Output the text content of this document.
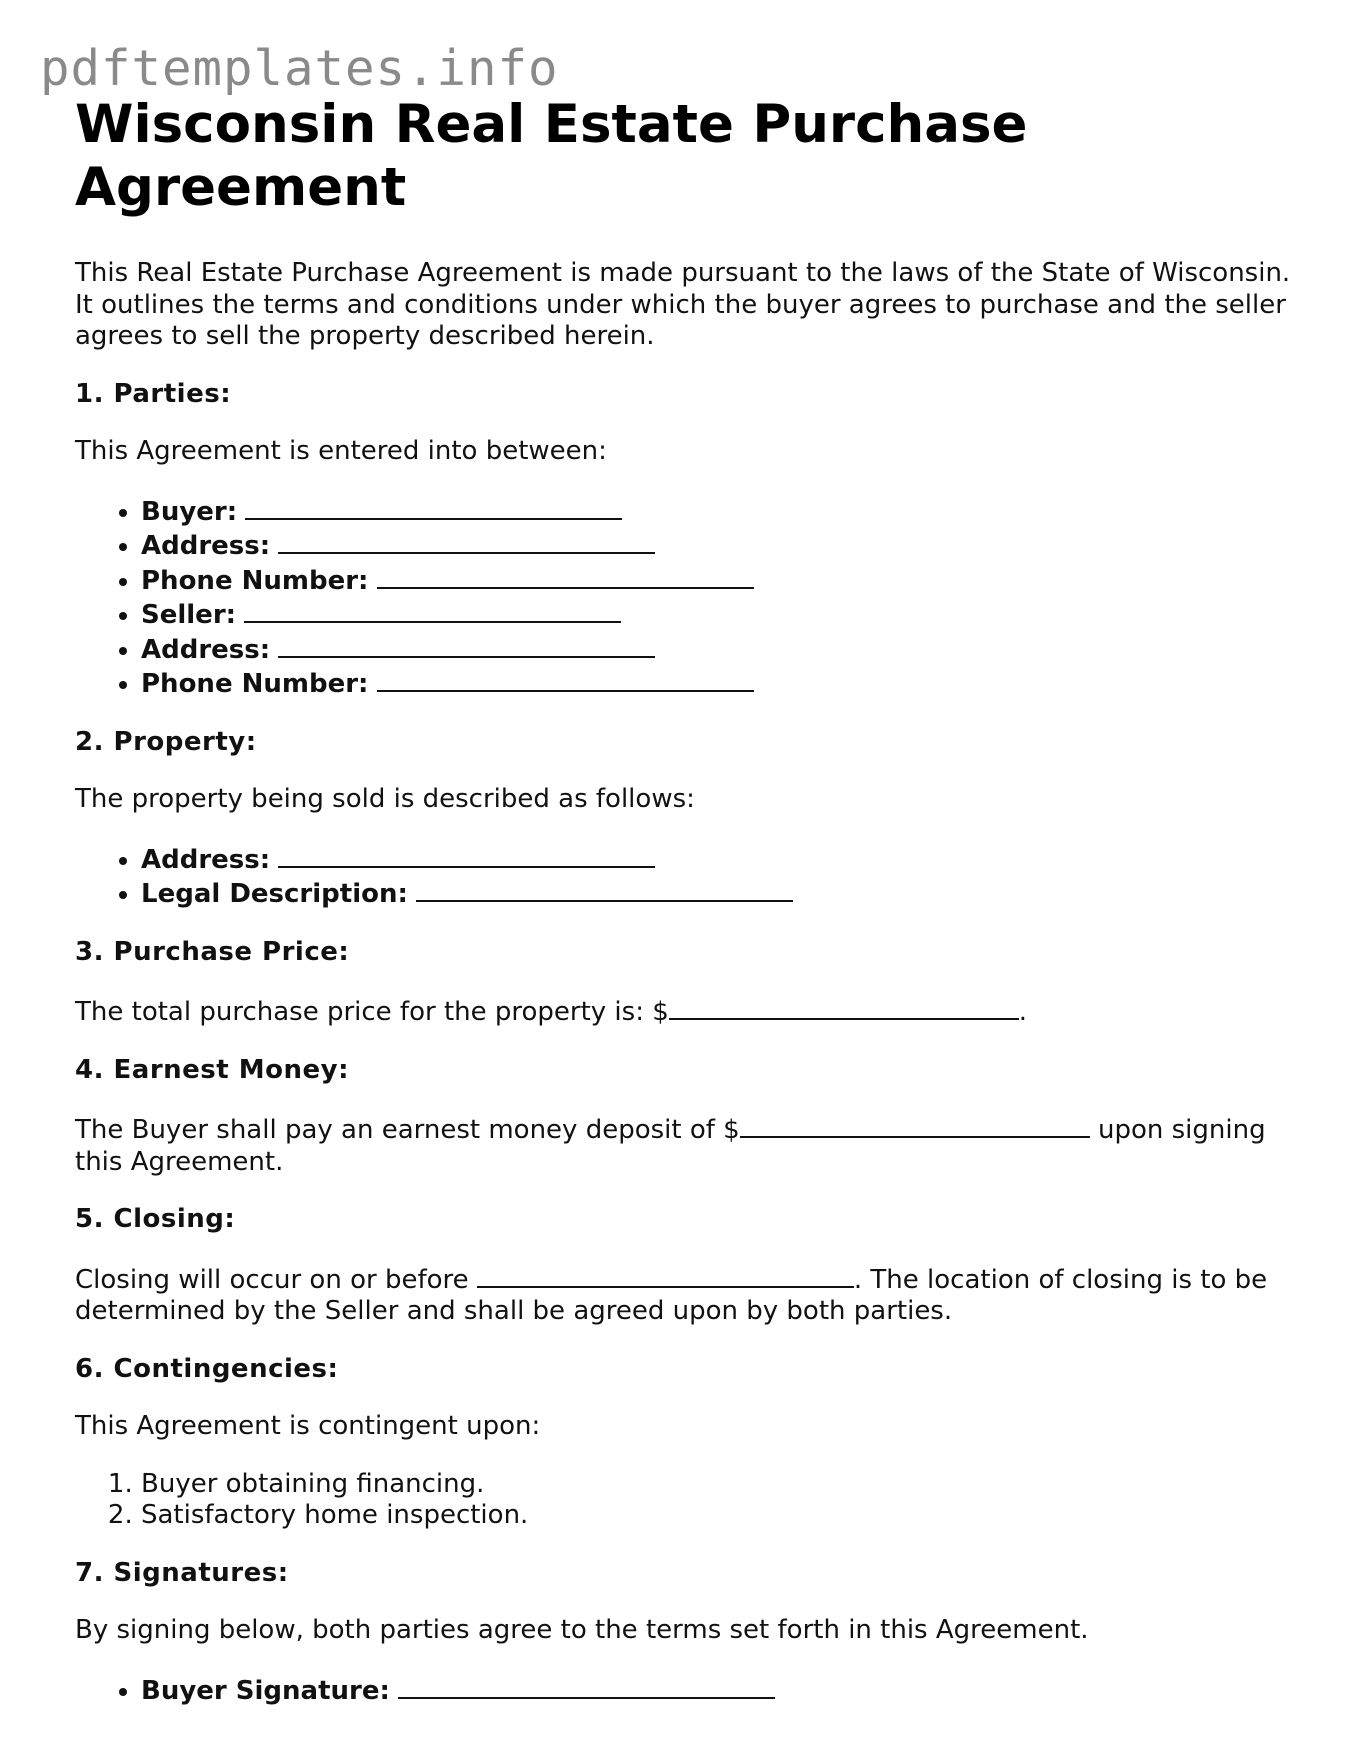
pdftemplates.info
Wisconsin Real Estate Purchase Agreement

This Real Estate Purchase Agreement is made pursuant to the laws of the State of Wisconsin. It outlines the terms and conditions under which the buyer agrees to purchase and the seller agrees to sell the property described herein.

1. Parties:

This Agreement is entered into between:

• Buyer:
• Address:
• Phone Number:
• Seller:
• Address:
• Phone Number:
2. Property:

The property being sold is described as follows:

• Address:
• Legal Description:
3. Purchase Price:

The total purchase price for the property is: $	.

4. Earnest Money:

The Buyer shall pay an earnest money deposit of $	upon signing this Agreement.

5. Closing:

Closing will occur on or before	. The location of closing is to be determined by the Seller and shall be agreed upon by both parties.

6. Contingencies:

This Agreement is contingent upon:

1. Buyer obtaining financing.
2. Satisfactory home inspection.
7. Signatures:

By signing below, both parties agree to the terms set forth in this Agreement.

• Buyer Signature:
